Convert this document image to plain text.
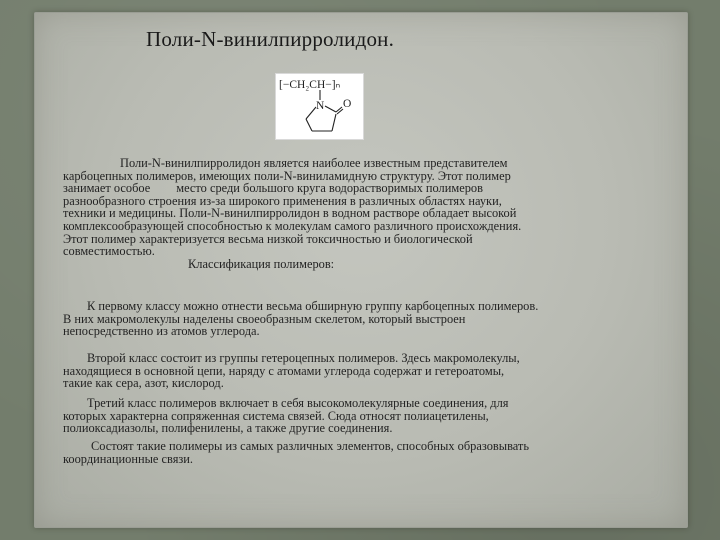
Поли-N-винилпирролидон.
[−CH₂CH−]ₙ
N O
Поли-N-винилпирролидон является наиболее известным представителем
карбоцепных полимеров, имеющих поли-N-виниламидную структуру. Этот полимер
занимает особое место среди большого круга водорастворимых полимеров
разнообразного строения из-за широкого применения в различных областях науки,
техники и медицины. Поли-N-винилпирролидон в водном растворе обладает высокой
комплексообразующей способностью к молекулам самого различного происхождения.
Этот полимер характеризуется весьма низкой токсичностью и биологической
совместимостью.
Классификация полимеров:
К первому классу можно отнести весьма обширную группу карбоцепных полимеров.
В них макромолекулы наделены своеобразным скелетом, который выстроен
непосредственно из атомов углерода.
Второй класс состоит из группы гетероцепных полимеров. Здесь макромолекулы,
находящиеся в основной цепи, наряду с атомами углерода содержат и гетероатомы,
такие как сера, азот, кислород.
Третий класс полимеров включает в себя высокомолекулярные соединения, для
которых характерна сопряженная система связей. Сюда относят полиацетилены,
полиоксадиазолы, полифенилены, а также другие соединения.
Состоят такие полимеры из самых различных элементов, способных образовывать
координационные связи.
